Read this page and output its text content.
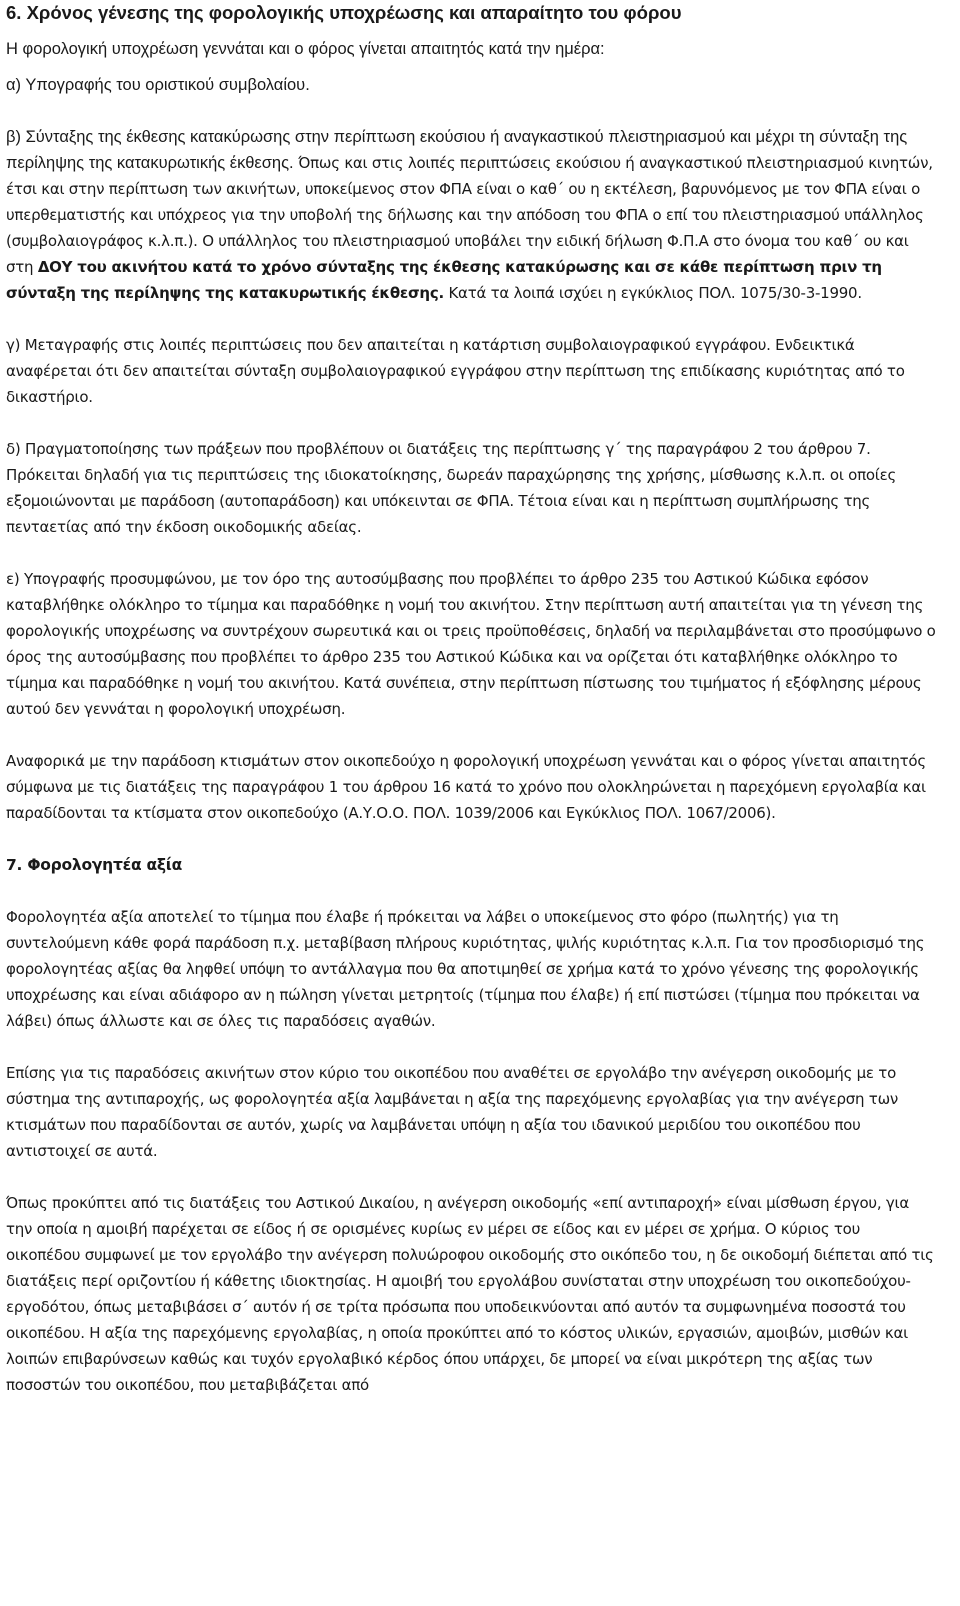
6. Χρόνος γένεσης της φορολογικής υποχρέωσης και απαραίτητο του φόρου

Η φορολογική υποχρέωση γεννάται και ο φόρος γίνεται απαιτητός κατά την ημέρα:

α) Υπογραφής του οριστικού συμβολαίου.

β) Σύνταξης της έκθεσης κατακύρωσης στην περίπτωση εκούσιου ή αναγκαστικού πλειστηριασμού και μέχρι τη σύνταξη της περίληψης της κατακυρωτικής έκθεσης. Όπως και στις λοιπές περιπτώσεις εκούσιου ή αναγκαστικού πλειστηριασμού κινητών, έτσι και στην περίπτωση των ακινήτων, υποκείμενος στον ΦΠΑ είναι ο καθ΄ ου η εκτέλεση, βαρυνόμενος με τον ΦΠΑ είναι ο υπερθεματιστής και υπόχρεος για την υποβολή της δήλωσης και την απόδοση του ΦΠΑ ο επί του πλειστηριασμού υπάλληλος (συμβολαιογράφος κ.λ.π.). Ο υπάλληλος του πλειστηριασμού υποβάλει την ειδική δήλωση Φ.Π.Α στο όνομα του καθ΄ ου και στη ΔΟΥ του ακινήτου κατά το χρόνο σύνταξης της έκθεσης κατακύρωσης και σε κάθε περίπτωση πριν τη σύνταξη της περίληψης της κατακυρωτικής έκθεσης. Κατά τα λοιπά ισχύει η εγκύκλιος ΠΟΛ. 1075/30-3-1990.

γ) Μεταγραφής στις λοιπές περιπτώσεις που δεν απαιτείται η κατάρτιση συμβολαιογραφικού εγγράφου. Ενδεικτικά αναφέρεται ότι δεν απαιτείται σύνταξη συμβολαιογραφικού εγγράφου στην περίπτωση της επιδίκασης κυριότητας από το δικαστήριο.

δ) Πραγματοποίησης των πράξεων που προβλέπουν οι διατάξεις της περίπτωσης γ΄ της παραγράφου 2 του άρθρου 7. Πρόκειται δηλαδή για τις περιπτώσεις της ιδιοκατοίκησης, δωρεάν παραχώρησης της χρήσης, μίσθωσης κ.λ.π. οι οποίες εξομοιώνονται με παράδοση (αυτοπαράδοση) και υπόκεινται σε ΦΠΑ. Τέτοια είναι και η περίπτωση συμπλήρωσης της πενταετίας από την έκδοση οικοδομικής αδείας.

ε) Υπογραφής προσυμφώνου, με τον όρο της αυτοσύμβασης που προβλέπει το άρθρο 235 του Αστικού Κώδικα εφόσον καταβλήθηκε ολόκληρο το τίμημα και παραδόθηκε η νομή του ακινήτου. Στην περίπτωση αυτή απαιτείται για τη γένεση της φορολογικής υποχρέωσης να συντρέχουν σωρευτικά και οι τρεις προϋποθέσεις, δηλαδή να περιλαμβάνεται στο προσύμφωνο ο όρος της αυτοσύμβασης που προβλέπει το άρθρο 235 του Αστικού Κώδικα και να ορίζεται ότι καταβλήθηκε ολόκληρο το τίμημα και παραδόθηκε η νομή του ακινήτου. Κατά συνέπεια, στην περίπτωση πίστωσης του τιμήματος ή εξόφλησης μέρους αυτού δεν γεννάται η φορολογική υποχρέωση.

Αναφορικά με την παράδοση κτισμάτων στον οικοπεδούχο η φορολογική υποχρέωση γεννάται και ο φόρος γίνεται απαιτητός σύμφωνα με τις διατάξεις της παραγράφου 1 του άρθρου 16 κατά το χρόνο που ολοκληρώνεται η παρεχόμενη εργολαβία και παραδίδονται τα κτίσματα στον οικοπεδούχο (Α.Υ.Ο.Ο. ΠΟΛ. 1039/2006 και Εγκύκλιος ΠΟΛ. 1067/2006).

7. Φορολογητέα αξία

Φορολογητέα αξία αποτελεί το τίμημα που έλαβε ή πρόκειται να λάβει ο υποκείμενος στο φόρο (πωλητής) για τη συντελούμενη κάθε φορά παράδοση π.χ. μεταβίβαση πλήρους κυριότητας, ψιλής κυριότητας κ.λ.π. Για τον προσδιορισμό της φορολογητέας αξίας θα ληφθεί υπόψη το αντάλλαγμα που θα αποτιμηθεί σε χρήμα κατά το χρόνο γένεσης της φορολογικής υποχρέωσης και είναι αδιάφορο αν η πώληση γίνεται μετρητοίς (τίμημα που έλαβε) ή επί πιστώσει (τίμημα που πρόκειται να λάβει) όπως άλλωστε και σε όλες τις παραδόσεις αγαθών.

Επίσης για τις παραδόσεις ακινήτων στον κύριο του οικοπέδου που αναθέτει σε εργολάβο την ανέγερση οικοδομής με το σύστημα της αντιπαροχής, ως φορολογητέα αξία λαμβάνεται η αξία της παρεχόμενης εργολαβίας για την ανέγερση των κτισμάτων που παραδίδονται σε αυτόν, χωρίς να λαμβάνεται υπόψη η αξία του ιδανικού μεριδίου του οικοπέδου που αντιστοιχεί σε αυτά.

Όπως προκύπτει από τις διατάξεις του Αστικού Δικαίου, η ανέγερση οικοδομής «επί αντιπαροχή» είναι μίσθωση έργου, για την οποία η αμοιβή παρέχεται σε είδος ή σε ορισμένες κυρίως εν μέρει σε είδος και εν μέρει σε χρήμα. Ο κύριος του οικοπέδου συμφωνεί με τον εργολάβο την ανέγερση πολυώροφου οικοδομής στο οικόπεδο του, η δε οικοδομή διέπεται από τις διατάξεις περί οριζοντίου ή κάθετης ιδιοκτησίας. Η αμοιβή του εργολάβου συνίσταται στην υποχρέωση του οικοπεδούχου-εργοδότου, όπως μεταβιβάσει σ΄ αυτόν ή σε τρίτα πρόσωπα που υποδεικνύονται από αυτόν τα συμφωνημένα ποσοστά του οικοπέδου. Η αξία της παρεχόμενης εργολαβίας, η οποία προκύπτει από το κόστος υλικών, εργασιών, αμοιβών, μισθών και λοιπών επιβαρύνσεων καθώς και τυχόν εργολαβικό κέρδος όπου υπάρχει, δε μπορεί να είναι μικρότερη της αξίας των ποσοστών του οικοπέδου, που μεταβιβάζεται από
